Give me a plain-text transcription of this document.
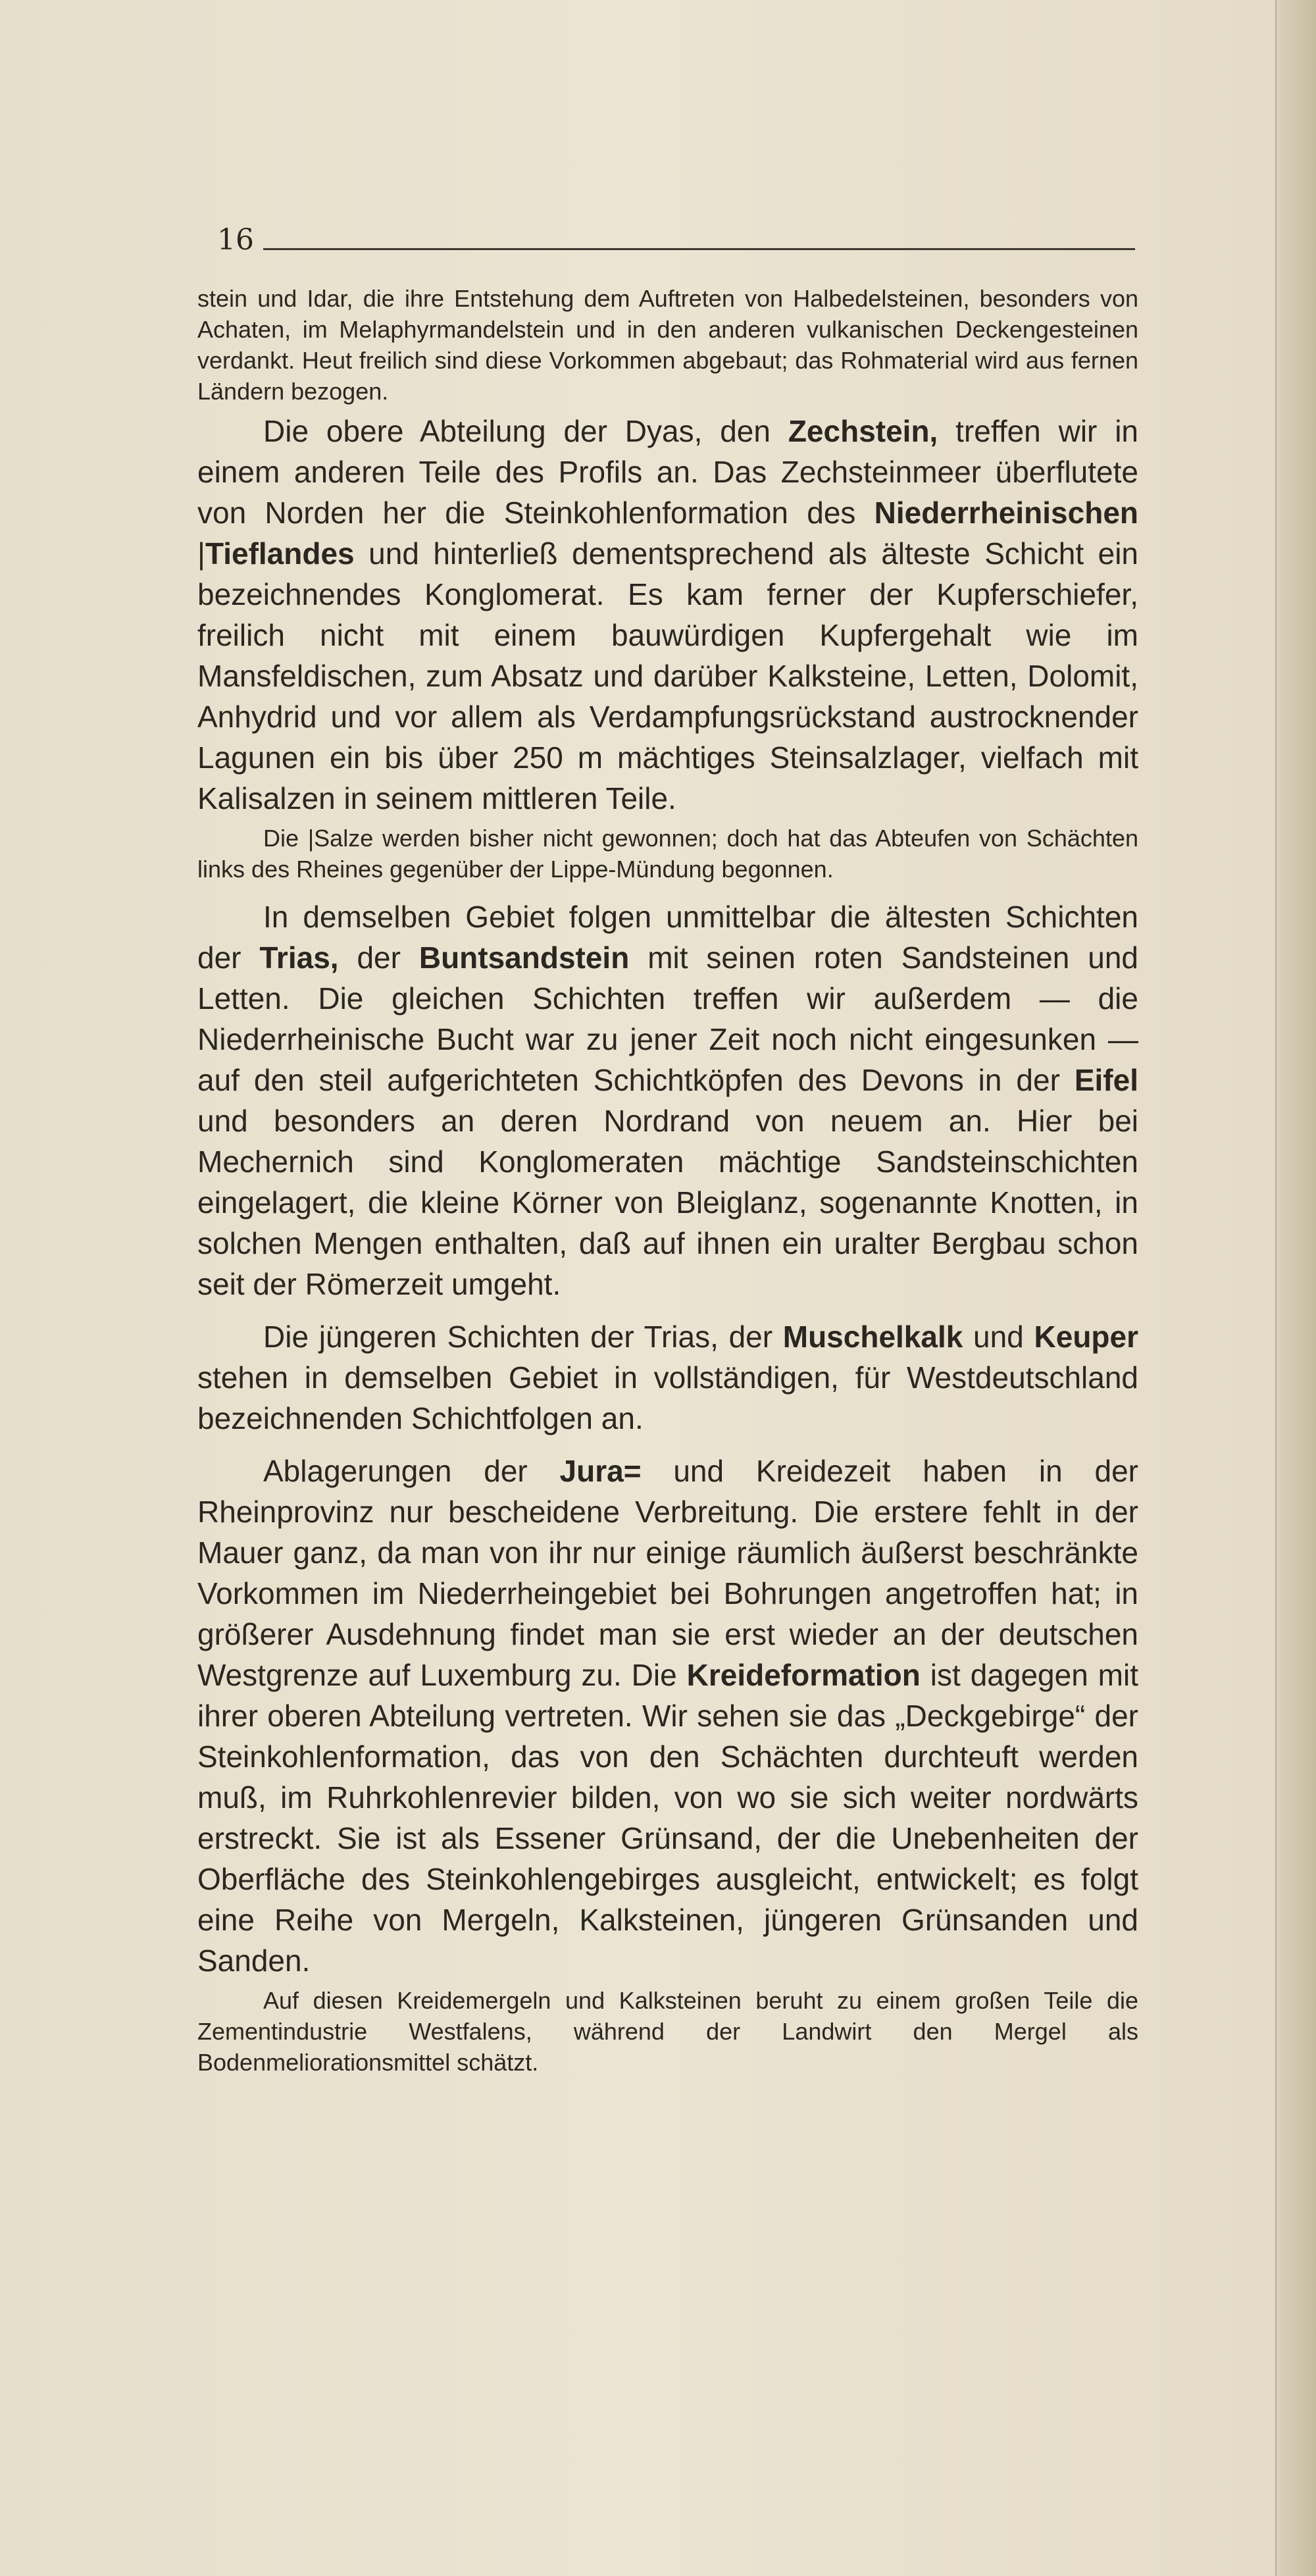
16

stein und Idar, die ihre Entstehung dem Auftreten von Halbedelsteinen, besonders von Achaten, im Melaphyrmandelstein und in den anderen vulkanischen Deckengesteinen verdankt. Heut freilich sind diese Vorkommen abgebaut; das Rohmaterial wird aus fernen Ländern bezogen.

Die obere Abteilung der Dyas, den Zechstein, treffen wir in einem anderen Teile des Profils an. Das Zechsteinmeer überflutete von Norden her die Steinkohlenformation des Niederrheinischen |Tieflandes und hinterließ dementsprechend als älteste Schicht ein bezeichnendes Konglomerat. Es kam ferner der Kupferschiefer, freilich nicht mit einem bauwürdigen Kupfergehalt wie im Mansfeldischen, zum Absatz und darüber Kalksteine, Letten, Dolomit, Anhydrid und vor allem als Verdampfungsrückstand austrocknender Lagunen ein bis über 250 m mächtiges Steinsalzlager, vielfach mit Kalisalzen in seinem mittleren Teile.

Die |Salze werden bisher nicht gewonnen; doch hat das Abteufen von Schächten links des Rheines gegenüber der Lippe-Mündung begonnen.

In demselben Gebiet folgen unmittelbar die ältesten Schichten der Trias, der Buntsandstein mit seinen roten Sandsteinen und Letten. Die gleichen Schichten treffen wir außerdem — die Niederrheinische Bucht war zu jener Zeit noch nicht eingesunken — auf den steil aufgerichteten Schichtköpfen des Devons in der Eifel und besonders an deren Nordrand von neuem an. Hier bei Mechernich sind Konglomeraten mächtige Sandsteinschichten eingelagert, die kleine Körner von Bleiglanz, sogenannte Knotten, in solchen Mengen enthalten, daß auf ihnen ein uralter Bergbau schon seit der Römerzeit umgeht.

Die jüngeren Schichten der Trias, der Muschelkalk und Keuper stehen in demselben Gebiet in vollständigen, für Westdeutschland bezeichnenden Schichtfolgen an.

Ablagerungen der Jura= und Kreidezeit haben in der Rheinprovinz nur bescheidene Verbreitung. Die erstere fehlt in der Mauer ganz, da man von ihr nur einige räumlich äußerst beschränkte Vorkommen im Niederrheingebiet bei Bohrungen angetroffen hat; in größerer Ausdehnung findet man sie erst wieder an der deutschen Westgrenze auf Luxemburg zu. Die Kreideformation ist dagegen mit ihrer oberen Abteilung vertreten. Wir sehen sie das „Deckgebirge“ der Steinkohlenformation, das von den Schächten durchteuft werden muß, im Ruhrkohlenrevier bilden, von wo sie sich weiter nordwärts erstreckt. Sie ist als Essener Grünsand, der die Unebenheiten der Oberfläche des Steinkohlengebirges ausgleicht, entwickelt; es folgt eine Reihe von Mergeln, Kalksteinen, jüngeren Grünsanden und Sanden.

Auf diesen Kreidemergeln und Kalksteinen beruht zu einem großen Teile die Zementindustrie Westfalens, während der Landwirt den Mergel als Bodenmeliorationsmittel schätzt.
